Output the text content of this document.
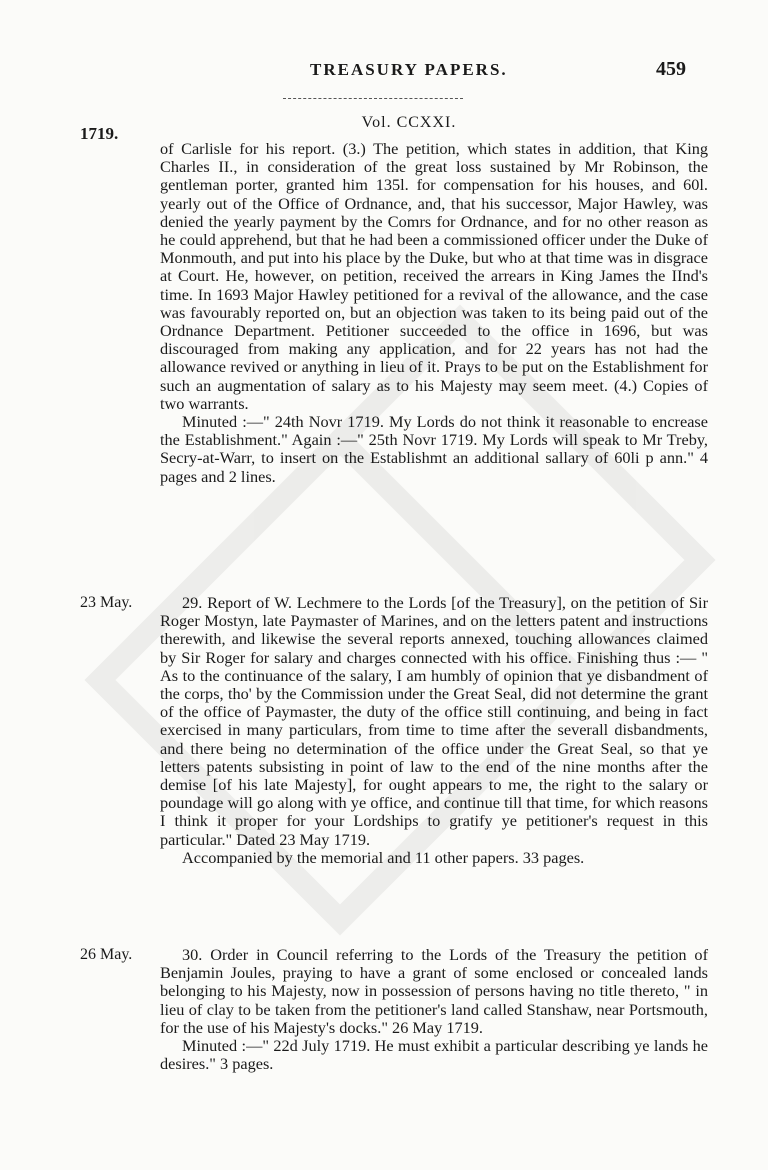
TREASURY PAPERS.	459
Vol. CCXXI.
1719.

of Carlisle for his report. (3.) The petition, which states in addition, that King Charles II., in consideration of the great loss sustained by Mr Robinson, the gentleman porter, granted him 135l. for compensation for his houses, and 60l. yearly out of the Office of Ordnance, and, that his successor, Major Hawley, was denied the yearly payment by the Comrs for Ordnance, and for no other reason as he could apprehend, but that he had been a commissioned officer under the Duke of Monmouth, and put into his place by the Duke, but who at that time was in disgrace at Court. He, however, on petition, received the arrears in King James the IInd's time. In 1693 Major Hawley petitioned for a revival of the allowance, and the case was favourably reported on, but an objection was taken to its being paid out of the Ordnance Department. Petitioner succeeded to the office in 1696, but was discouraged from making any application, and for 22 years has not had the allowance revived or anything in lieu of it. Prays to be put on the Establishment for such an augmentation of salary as to his Majesty may seem meet. (4.) Copies of two warrants.

Minuted :—" 24th Novr 1719. My Lords do not think it reasonable to encrease the Establishment." Again :—" 25th Novr 1719. My Lords will speak to Mr Treby, Secry-at-Warr, to insert on the Establishmt an additional sallary of 60li p ann." 4 pages and 2 lines.

23 May.	29. Report of W. Lechmere to the Lords [of the Treasury], on the petition of Sir Roger Mostyn, late Paymaster of Marines, and on the letters patent and instructions therewith, and likewise the several reports annexed, touching allowances claimed by Sir Roger for salary and charges connected with his office. Finishing thus :— " As to the continuance of the salary, I am humbly of opinion that ye disbandment of the corps, tho' by the Commission under the Great Seal, did not determine the grant of the office of Paymaster, the duty of the office still continuing, and being in fact exercised in many particulars, from time to time after the severall disbandments, and there being no determination of the office under the Great Seal, so that ye letters patents subsisting in point of law to the end of the nine months after the demise [of his late Majesty], for ought appears to me, the right to the salary or poundage will go along with ye office, and continue till that time, for which reasons I think it proper for your Lordships to gratify ye petitioner's request in this particular." Dated 23 May 1719.

Accompanied by the memorial and 11 other papers. 33 pages.

26 May.	30. Order in Council referring to the Lords of the Treasury the petition of Benjamin Joules, praying to have a grant of some enclosed or concealed lands belonging to his Majesty, now in possession of persons having no title thereto, " in lieu of clay to be taken from the petitioner's land called Stanshaw, near Portsmouth, for the use of his Majesty's docks." 26 May 1719.

Minuted :—" 22d July 1719. He must exhibit a particular describing ye lands he desires." 3 pages.
